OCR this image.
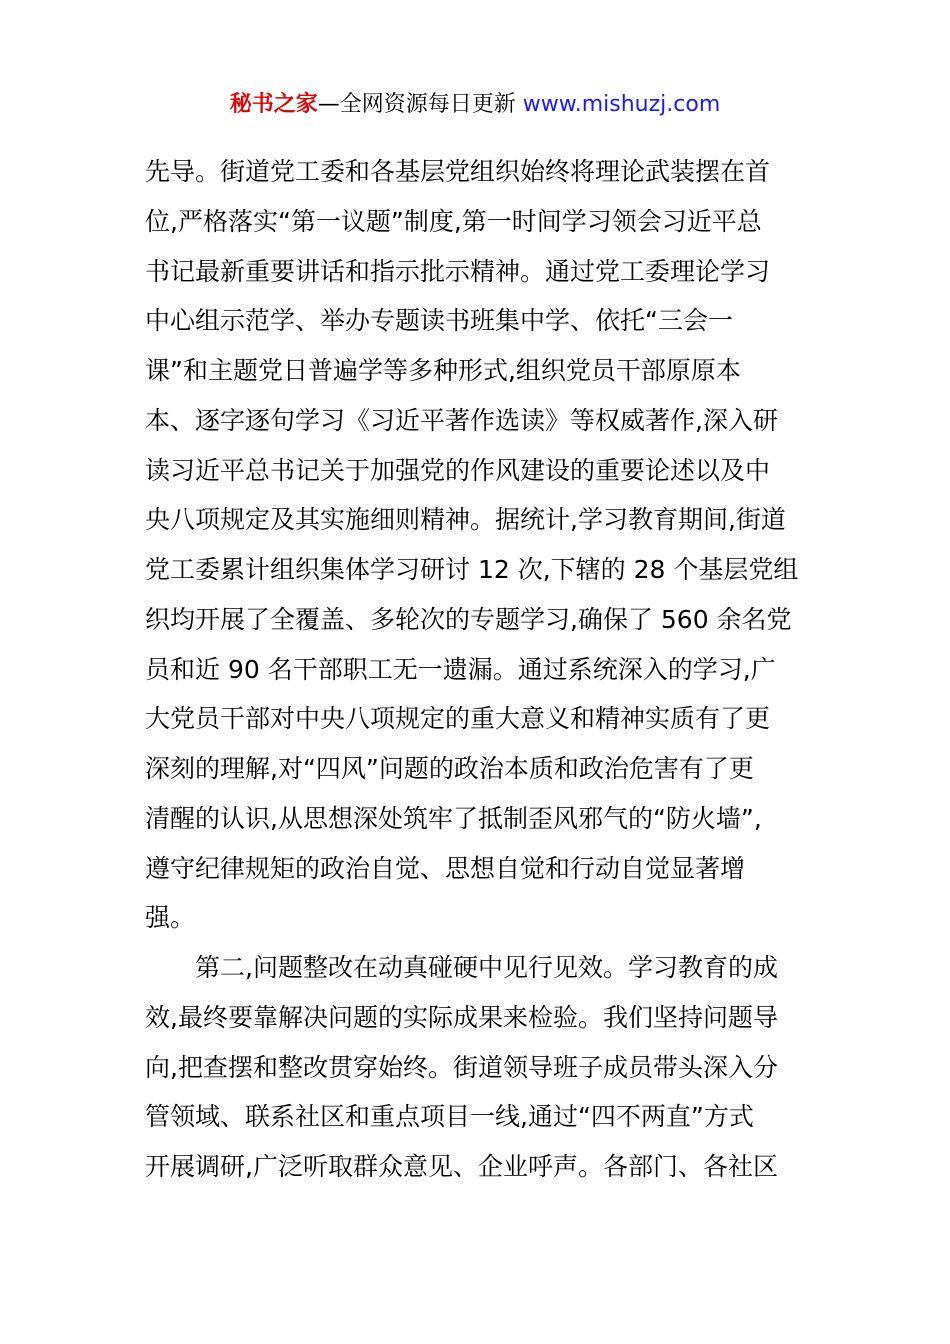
秘书之家—全网资源每日更新 www.mishuzj.com
先导。街道党工委和各基层党组织始终将理论武装摆在首
位,严格落实“第一议题”制度,第一时间学习领会习近平总
书记最新重要讲话和指示批示精神。通过党工委理论学习
中心组示范学、举办专题读书班集中学、依托“三会一
课”和主题党日普遍学等多种形式,组织党员干部原原本
本、逐字逐句学习《习近平著作选读》等权威著作,深入研
读习近平总书记关于加强党的作风建设的重要论述以及中
央八项规定及其实施细则精神。据统计,学习教育期间,街道
党工委累计组织集体学习研讨 12 次,下辖的 28 个基层党组
织均开展了全覆盖、多轮次的专题学习,确保了 560 余名党
员和近 90 名干部职工无一遗漏。通过系统深入的学习,广
大党员干部对中央八项规定的重大意义和精神实质有了更
深刻的理解,对“四风”问题的政治本质和政治危害有了更
清醒的认识,从思想深处筑牢了抵制歪风邪气的“防火墙”,
遵守纪律规矩的政治自觉、思想自觉和行动自觉显著增
强。
第二,问题整改在动真碰硬中见行见效。学习教育的成
效,最终要靠解决问题的实际成果来检验。我们坚持问题导
向,把查摆和整改贯穿始终。街道领导班子成员带头深入分
管领域、联系社区和重点项目一线,通过“四不两直”方式
开展调研,广泛听取群众意见、企业呼声。各部门、各社区
